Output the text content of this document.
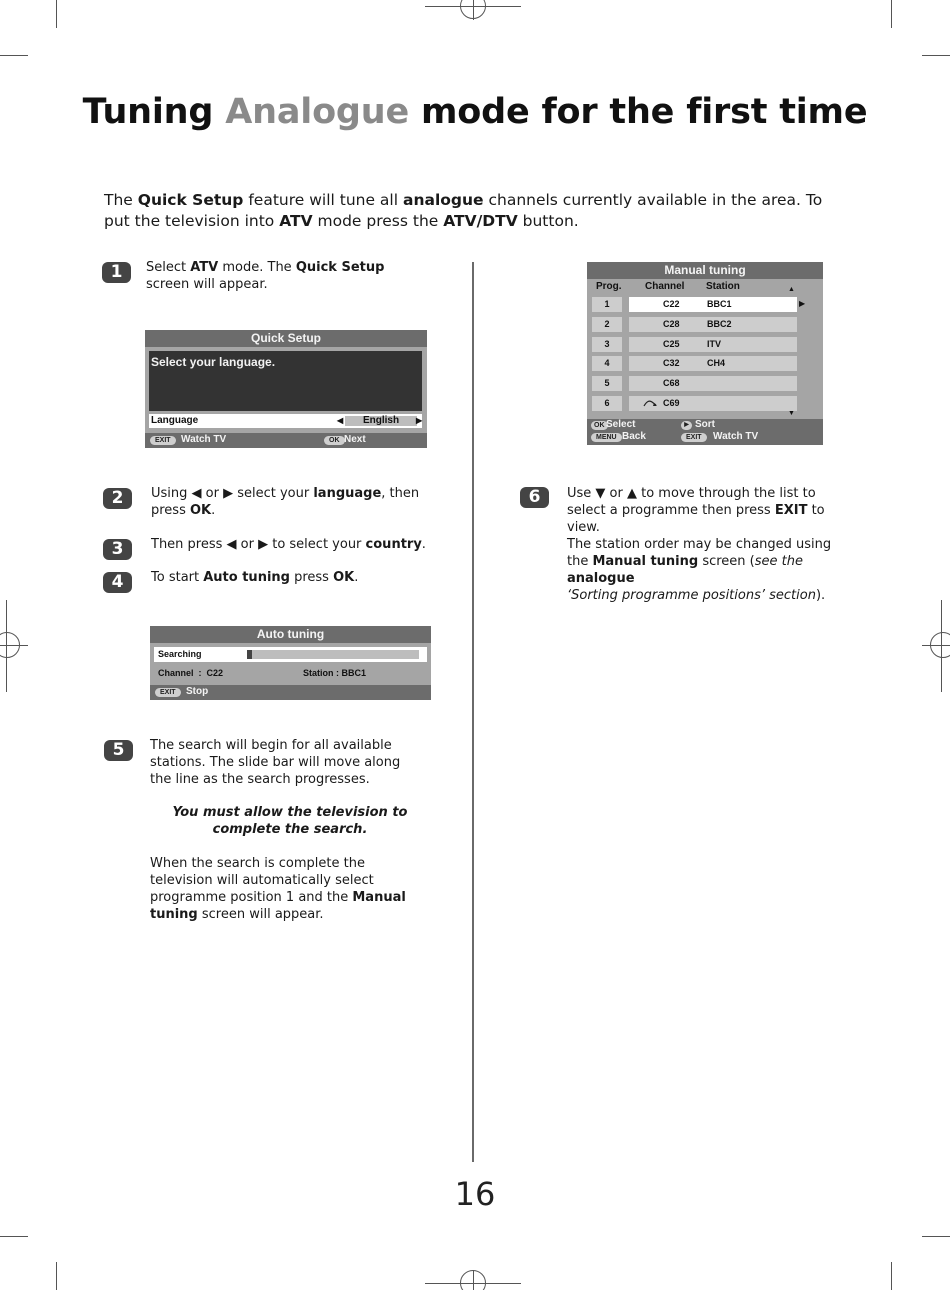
Tuning Analogue mode for the first time
The Quick Setup feature will tune all analogue channels currently available in the area. To put the television into ATV mode press the ATV/DTV button.
1	Select ATV mode. The Quick Setup screen will appear.
Quick Setup
Select your language.
Language	◀	English	▶
EXIT	Watch TV	OK Next
2	Using ◀ or ▶ select your language, then press OK.
3	Then press ◀ or ▶ to select your country.
4	To start Auto tuning press OK.
Auto tuning
Searching
Channel  :  C22	Station : BBC1
EXIT	Stop
5	The search will begin for all available stations. The slide bar will move along the line as the search progresses.
You must allow the television to complete the search.
When the search is complete the television will automatically select programme position 1 and the Manual tuning screen will appear.
Manual tuning
Prog. Channel Station	▲
1	C22	BBC1	▶
2	C28	BBC2
3	C25	ITV
4	C32	CH4
5	C68
6	C69
▼
OK Select	▶ Sort
MENU Back	EXIT	Watch TV
6	Use ▼ or ▲ to move through the list to select a programme then press EXIT to view.
The station order may be changed using the Manual tuning screen (see the analogue
‘Sorting programme positions’ section).
16
